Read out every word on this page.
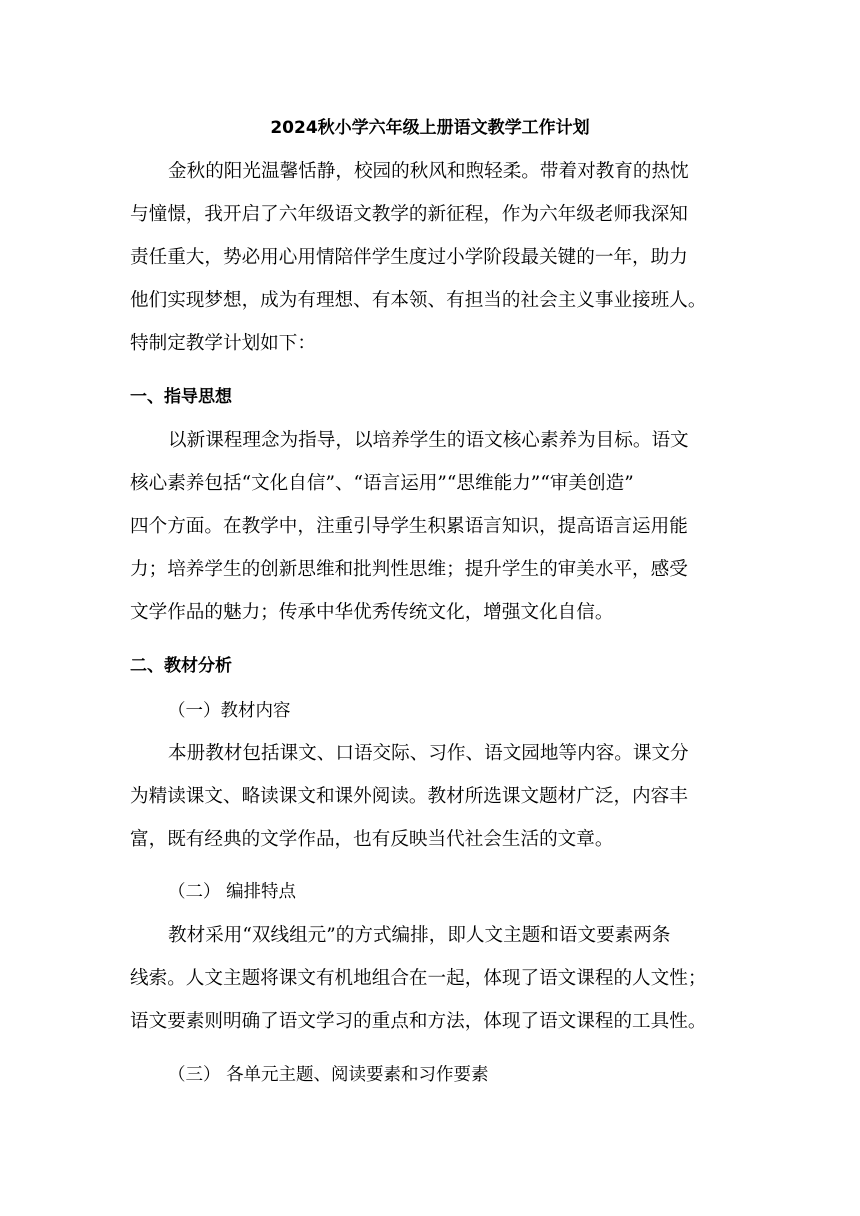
2024秋小学六年级上册语文教学工作计划
金秋的阳光温馨恬静，校园的秋风和煦轻柔。带着对教育的热忱
与憧憬，我开启了六年级语文教学的新征程，作为六年级老师我深知
责任重大，势必用心用情陪伴学生度过小学阶段最关键的一年，助力
他们实现梦想，成为有理想、有本领、有担当的社会主义事业接班人。
特制定教学计划如下：
一、指导思想
以新课程理念为指导，以培养学生的语文核心素养为目标。语文
核心素养包括“文化自信”、“语言运用”“思维能力”“审美创造”
四个方面。在教学中，注重引导学生积累语言知识，提高语言运用能
力；培养学生的创新思维和批判性思维；提升学生的审美水平，感受
文学作品的魅力；传承中华优秀传统文化，增强文化自信。
二、教材分析
（一）教材内容
本册教材包括课文、口语交际、习作、语文园地等内容。课文分
为精读课文、略读课文和课外阅读。教材所选课文题材广泛，内容丰
富，既有经典的文学作品，也有反映当代社会生活的文章。
（二） 编排特点
教材采用“双线组元”的方式编排，即人文主题和语文要素两条
线索。人文主题将课文有机地组合在一起，体现了语文课程的人文性；
语文要素则明确了语文学习的重点和方法，体现了语文课程的工具性。
（三） 各单元主题、阅读要素和习作要素
